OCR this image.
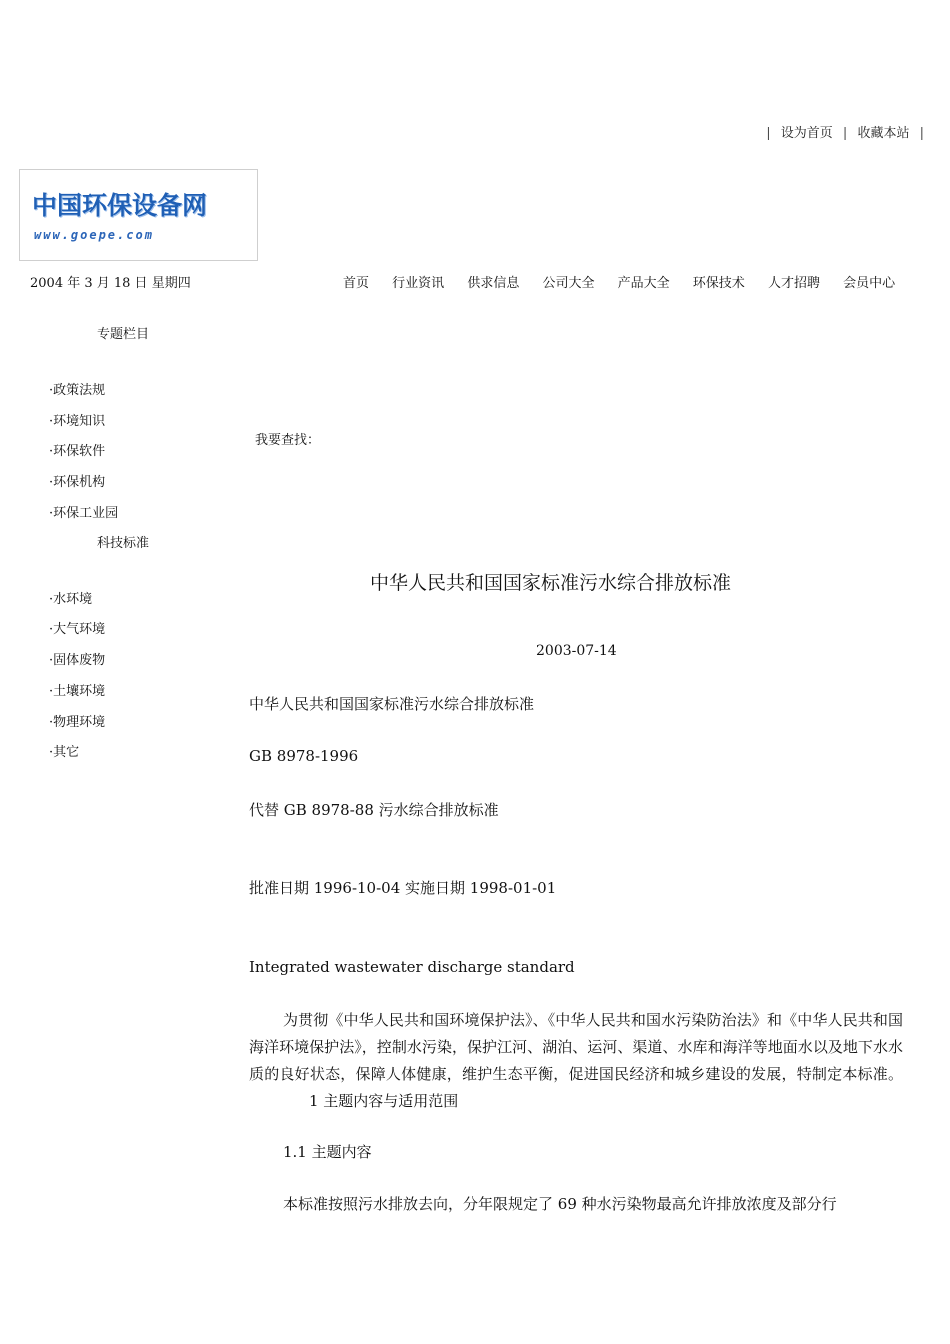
| 设为首页 | 收藏本站 |
中国环保设备网
www.goepe.com
2004 年 3 月 18 日 星期四	首页 行业资讯 供求信息 公司大全 产品大全 环保技术 人才招聘 会员中心
专题栏目
·政策法规
·环境知识
·环保软件
·环保机构
·环保工业园
科技标准
·水环境
·大气环境
·固体废物
·土壤环境
·物理环境
·其它
我要查找：
中华人民共和国国家标准污水综合排放标准
2003-07-14
中华人民共和国国家标准污水综合排放标准
GB 8978-1996
代替 GB 8978-88 污水综合排放标准
批准日期 1996-10-04 实施日期 1998-01-01
Integrated wastewater discharge standard
为贯彻《中华人民共和国环境保护法》、《中华人民共和国水污染防治法》和《中华人民共和国海洋环境保护法》，控制水污染，保护江河、湖泊、运河、渠道、水库和海洋等地面水以及地下水水质的良好状态，保障人体健康，维护生态平衡，促进国民经济和城乡建设的发展，特制定本标准。1 主题内容与适用范围
1.1 主题内容
本标准按照污水排放去向，分年限规定了 69 种水污染物最高允许排放浓度及部分行
